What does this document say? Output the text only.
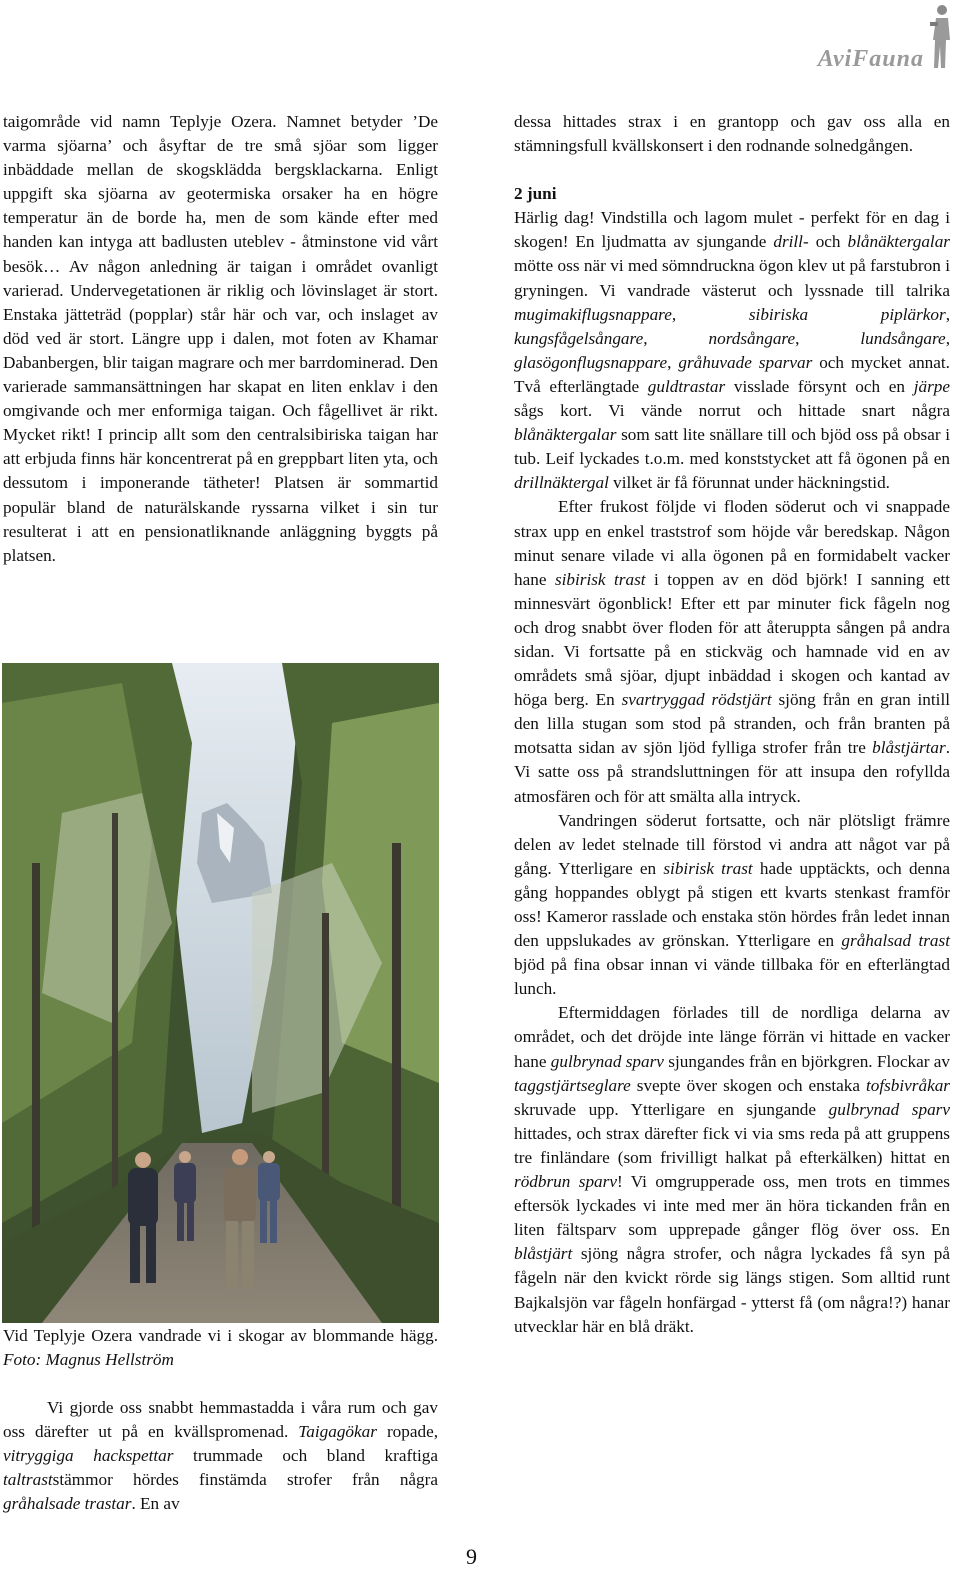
AviFauna

taigområde vid namn Teplyje Ozera. Namnet betyder ’De varma sjöarna’ och åsyftar de tre små sjöar som ligger inbäddade mellan de skogsklädda bergsklackarna. Enligt uppgift ska sjöarna av geotermiska orsaker ha en högre temperatur än de borde ha, men de som kände efter med handen kan intyga att badlusten uteblev - åtminstone vid vårt besök… Av någon anledning är taigan i området ovanligt varierad. Undervegetationen är riklig och lövinslaget är stort. Enstaka jätteträd (popplar) står här och var, och inslaget av död ved är stort. Längre upp i dalen, mot foten av Khamar Dabanbergen, blir taigan magrare och mer barrdominerad. Den varierade sammansättningen har skapat en liten enklav i den omgivande och mer enformiga taigan. Och fågellivet är rikt. Mycket rikt! I princip allt som den centralsibiriska taigan har att erbjuda finns här koncentrerat på en greppbart liten yta, och dessutom i imponerande tätheter! Platsen är sommartid populär bland de naturälskande ryssarna vilket i sin tur resulterat i att en pensionatliknande anläggning byggts på platsen.

Vid Teplyje Ozera vandrade vi i skogar av blommande hägg. Foto: Magnus Hellström

Vi gjorde oss snabbt hemmastadda i våra rum och gav oss därefter ut på en kvällspromenad. Taigagökar ropade, vitryggiga hackspettar trummade och bland kraftiga taltraststämmor hördes finstämda strofer från några gråhalsade trastar. En av

dessa hittades strax i en grantopp och gav oss alla en stämningsfull kvällskonsert i den rodnande solnedgången.

2 juni

Härlig dag! Vindstilla och lagom mulet - perfekt för en dag i skogen! En ljudmatta av sjungande drill- och blånäktergalar mötte oss när vi med sömndruckna ögon klev ut på farstubron i gryningen. Vi vandrade västerut och lyssnade till talrika mugimakiflugsnappare, sibiriska piplärkor, kungsfågelsångare, nordsångare, lundsångare, glasögonflugsnappare, gråhuvade sparvar och mycket annat. Två efterlängtade guldtrastar visslade försynt och en järpe sågs kort. Vi vände norrut och hittade snart några blånäktergalar som satt lite snällare till och bjöd oss på obsar i tub. Leif lyckades t.o.m. med konststycket att få ögonen på en drillnäktergal vilket är få förunnat under häckningstid.

Efter frukost följde vi floden söderut och vi snappade strax upp en enkel traststrof som höjde vår beredskap. Någon minut senare vilade vi alla ögonen på en formidabelt vacker hane sibirisk trast i toppen av en död björk! I sanning ett minnesvärt ögonblick! Efter ett par minuter fick fågeln nog och drog snabbt över floden för att återuppta sången på andra sidan. Vi fortsatte på en stickväg och hamnade vid en av områdets små sjöar, djupt inbäddad i skogen och kantad av höga berg. En svartryggad rödstjärt sjöng från en gran intill den lilla stugan som stod på stranden, och från branten på motsatta sidan av sjön ljöd fylliga strofer från tre blåstjärtar. Vi satte oss på strandsluttningen för att insupa den rofyllda atmosfären och för att smälta alla intryck.

Vandringen söderut fortsatte, och när plötsligt främre delen av ledet stelnade till förstod vi andra att något var på gång. Ytterligare en sibirisk trast hade upptäckts, och denna gång hoppandes oblygt på stigen ett kvarts stenkast framför oss! Kameror rasslade och enstaka stön hördes från ledet innan den uppslukades av grönskan. Ytterligare en gråhalsad trast bjöd på fina obsar innan vi vände tillbaka för en efterlängtad lunch.

Eftermiddagen förlades till de nordliga delarna av området, och det dröjde inte länge förrän vi hittade en vacker hane gulbrynad sparv sjungandes från en björkgren. Flockar av taggstjärtseglare svepte över skogen och enstaka tofsbivråkar skruvade upp. Ytterligare en sjungande gulbrynad sparv hittades, och strax därefter fick vi via sms reda på att gruppens tre finländare (som frivilligt halkat på efterkälken) hittat en rödbrun sparv! Vi omgrupperade oss, men trots en timmes eftersök lyckades vi inte med mer än höra tickanden från en liten fältsparv som upprepade gånger flög över oss. En blåstjärt sjöng några strofer, och några lyckades få syn på fågeln när den kvickt rörde sig längs stigen. Som alltid runt Bajkalsjön var fågeln honfärgad - ytterst få (om några!?) hanar utvecklar här en blå dräkt.

9
